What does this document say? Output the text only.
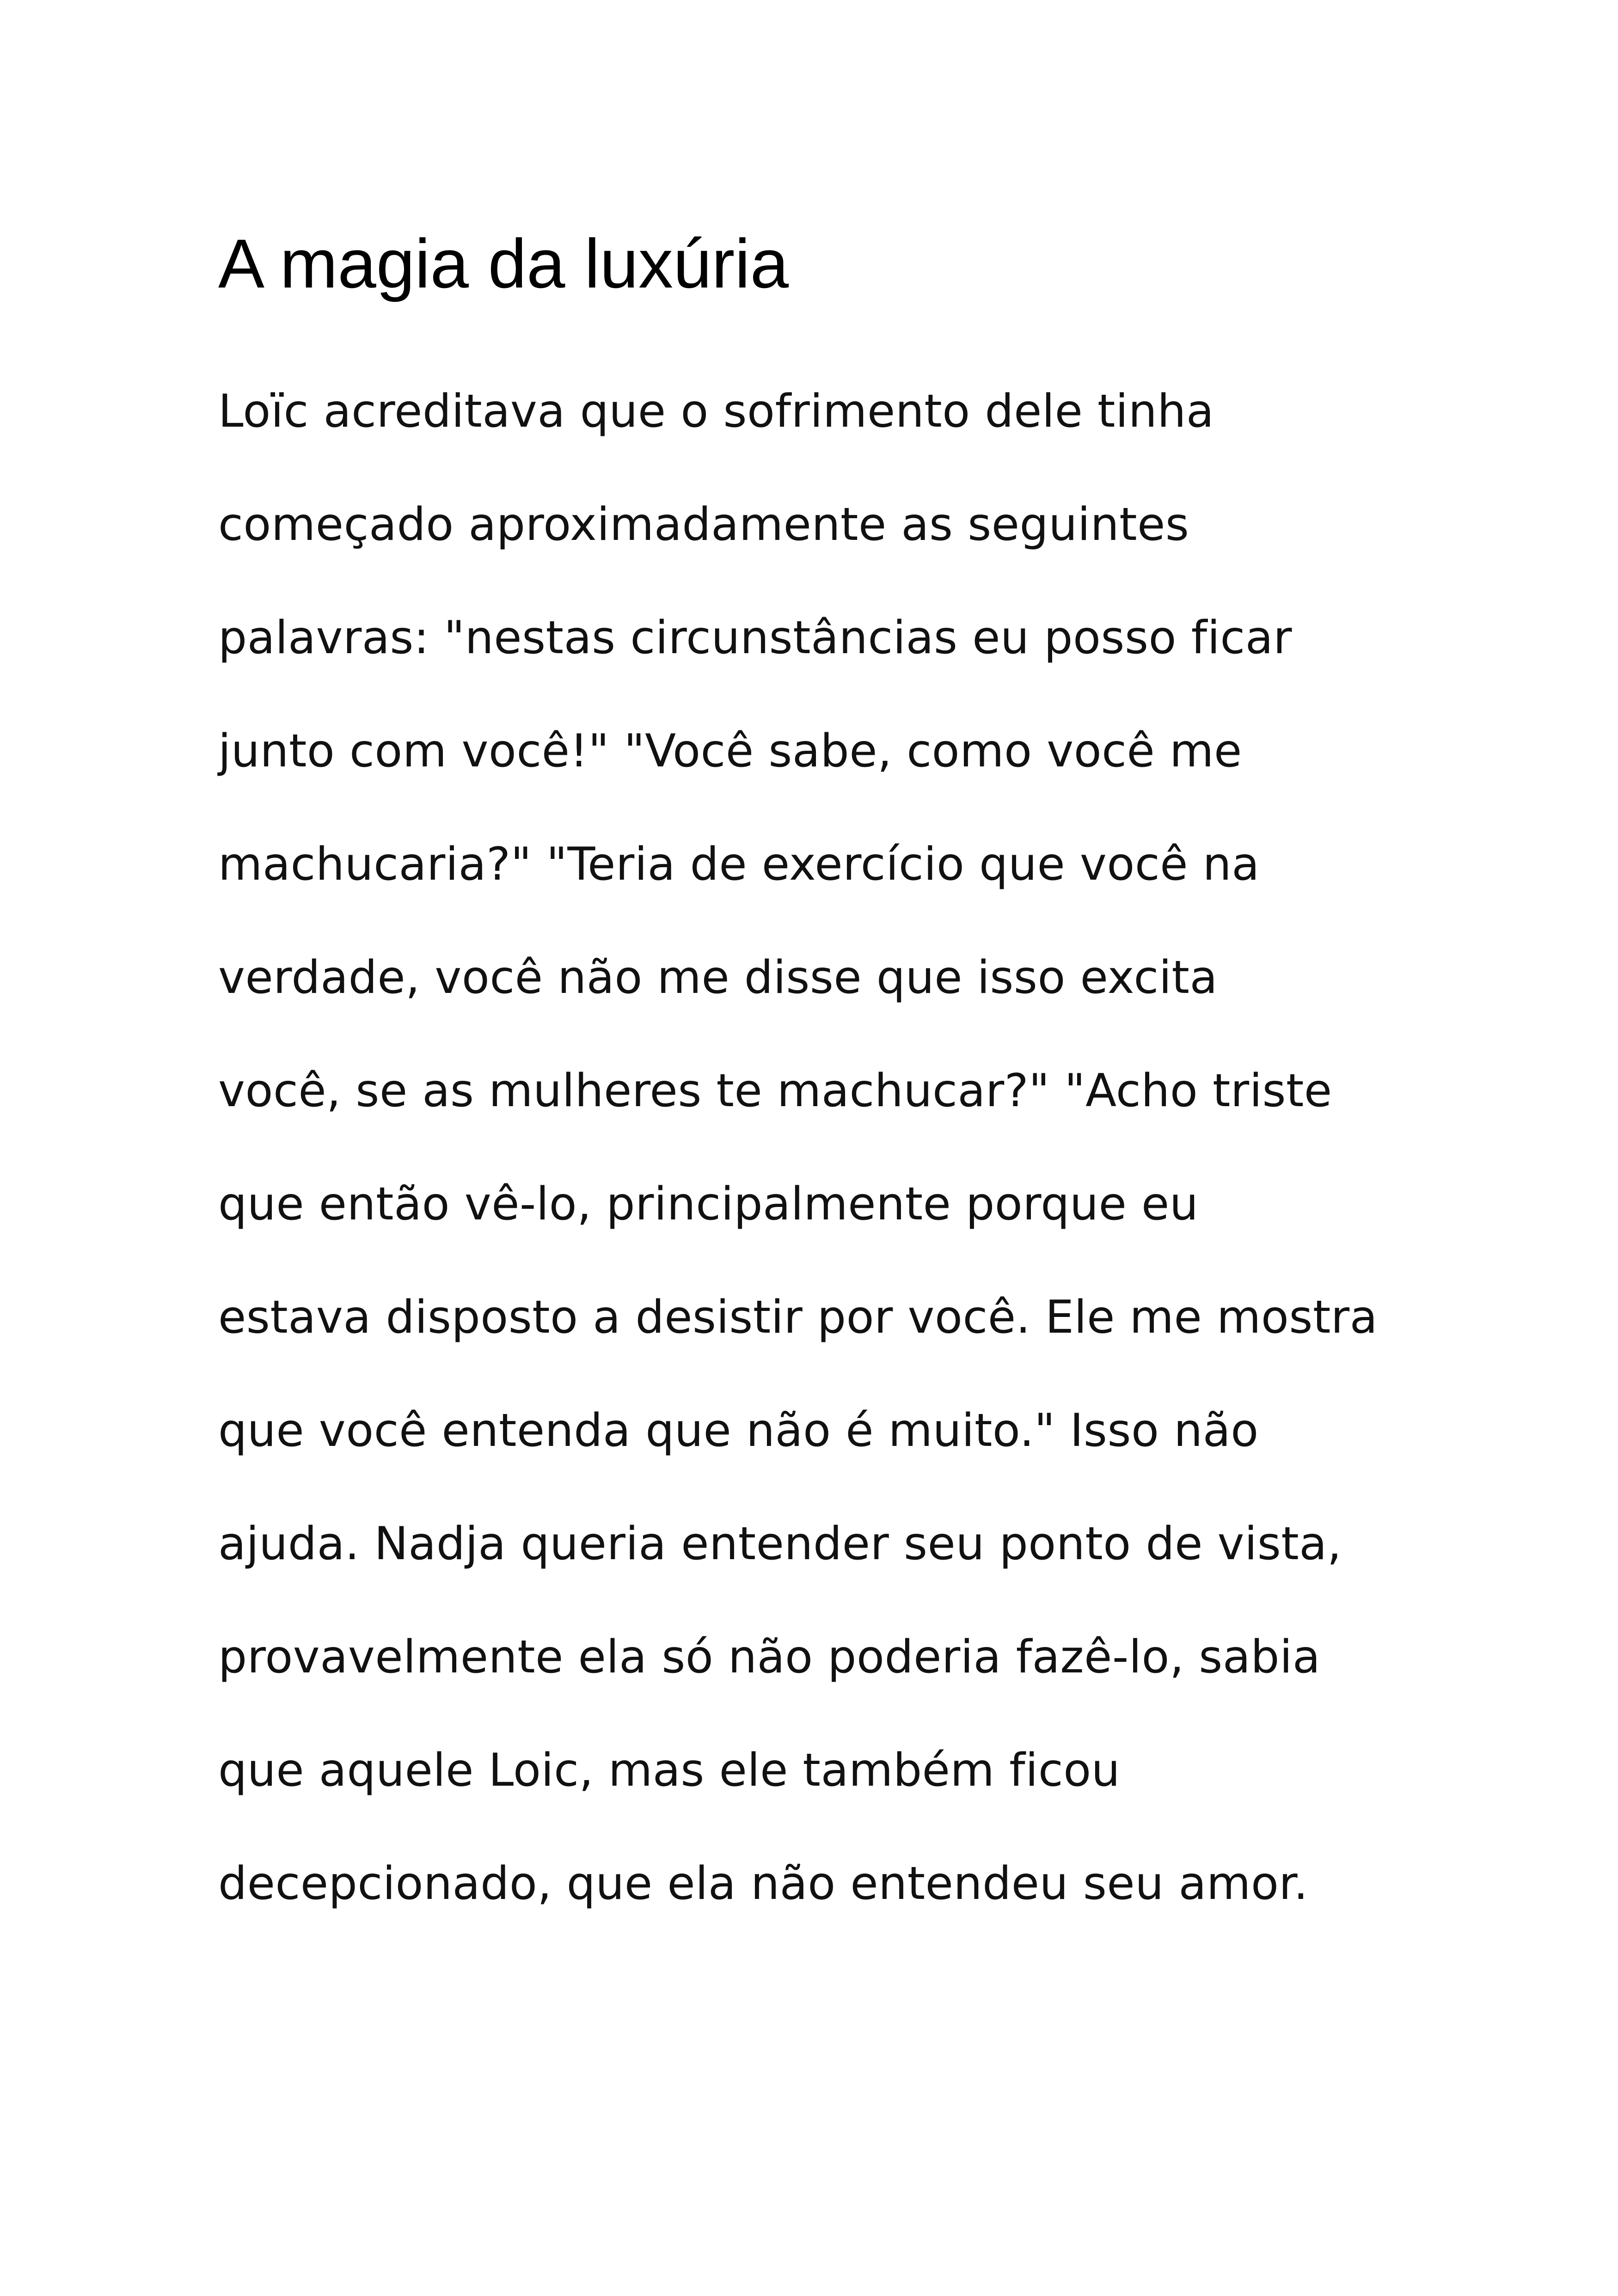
A magia da luxúria
Loïc acreditava que o sofrimento dele tinha
começado aproximadamente as seguintes
palavras: "nestas circunstâncias eu posso ficar
junto com você!" "Você sabe, como você me
machucaria?" "Teria de exercício que você na
verdade, você não me disse que isso excita
você, se as mulheres te machucar?" "Acho triste
que então vê-lo, principalmente porque eu
estava disposto a desistir por você. Ele me mostra
que você entenda que não é muito." Isso não
ajuda. Nadja queria entender seu ponto de vista,
provavelmente ela só não poderia fazê-lo, sabia
que aquele Loic, mas ele também ficou
decepcionado, que ela não entendeu seu amor.
